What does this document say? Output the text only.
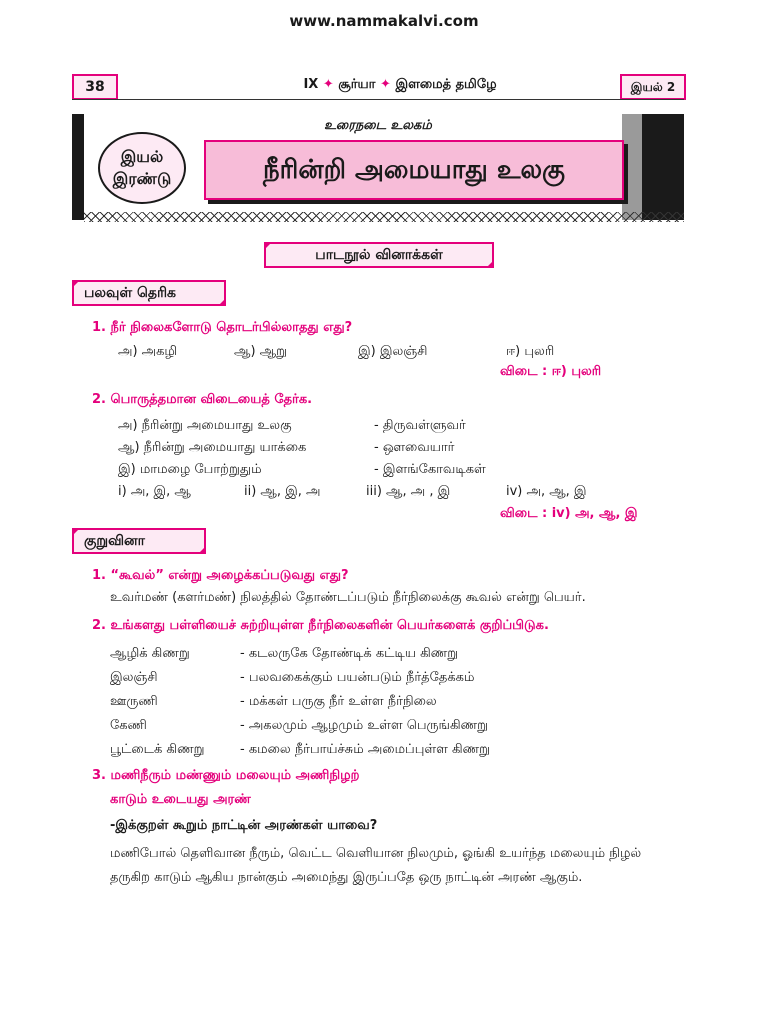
www.nammakalvi.com
38	IX ✦ சூர்யா ✦ இளமைத் தமிழே	இயல் 2
உரைநடை உலகம்
இயல்
இரண்டு	நீரின்றி அமையாது உலகு
பாடநூல் வினாக்கள்
பலவுள் தெரிக
1. நீர் நிலைகளோடு தொடர்பில்லாதது எது?
அ) அகழி	ஆ) ஆறு	இ) இலஞ்சி	ஈ) புலரி
விடை : ஈ) புலரி
2. பொருத்தமான விடையைத் தேர்க.
அ) நீரின்று அமையாது உலகு	- திருவள்ளுவர்
ஆ) நீரின்று அமையாது யாக்கை	- ஔவையார்
இ) மாமழை போற்றுதும்	- இளங்கோவடிகள்
i) அ, இ, ஆ	ii) ஆ, இ, அ	iii) ஆ, அ , இ	iv) அ, ஆ, இ
விடை : iv) அ, ஆ, இ
குறுவினா
1. “கூவல்” என்று அழைக்கப்படுவது எது?
உவர்மண் (களர்மண்) நிலத்தில் தோண்டப்படும் நீர்நிலைக்கு கூவல் என்று பெயர்.
2. உங்களது பள்ளியைச் சுற்றியுள்ள நீர்நிலைகளின் பெயர்களைக் குறிப்பிடுக.
ஆழிக் கிணறு	- கடலருகே தோண்டிக் கட்டிய கிணறு
இலஞ்சி	- பலவகைக்கும் பயன்படும் நீர்த்தேக்கம்
ஊருணி	- மக்கள் பருகு நீர் உள்ள நீர்நிலை
கேணி	- அகலமும் ஆழமும் உள்ள பெருங்கிணறு
பூட்டைக் கிணறு	- கமலை நீர்பாய்ச்சும் அமைப்புள்ள கிணறு
3. மணிநீரும் மண்ணும் மலையும் அணிநிழற்
காடும் உடையது அரண்
-இக்குறள் கூறும் நாட்டின் அரண்கள் யாவை?
மணிபோல் தெளிவான நீரும், வெட்ட வெளியான நிலமும், ஓங்கி உயர்ந்த மலையும் நிழல்
தருகிற காடும் ஆகிய நான்கும் அமைந்து இருப்பதே ஒரு நாட்டின் அரண் ஆகும்.
